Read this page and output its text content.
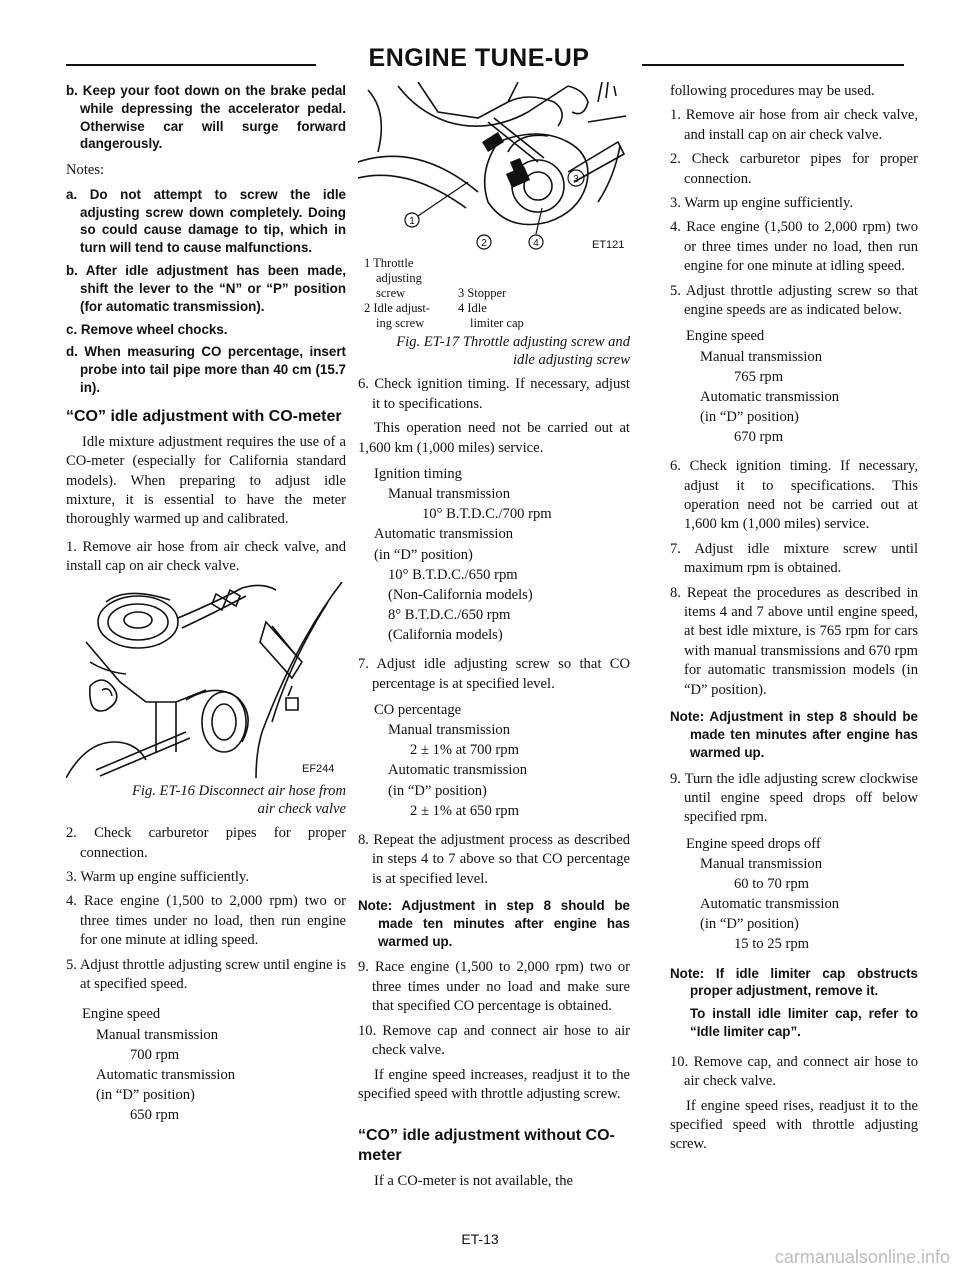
ENGINE TUNE-UP

b. Keep your foot down on the brake pedal while depressing the accelerator pedal. Otherwise car will surge forward dangerously.

Notes:

a. Do not attempt to screw the idle adjusting screw down completely. Doing so could cause damage to tip, which in turn will tend to cause malfunctions.

b. After idle adjustment has been made, shift the lever to the “N” or “P” position (for automatic transmission).

c. Remove wheel chocks.

d. When measuring CO percentage, insert probe into tail pipe more than 40 cm (15.7 in).

“CO” idle adjustment with CO-meter

Idle mixture adjustment requires the use of a CO-meter (especially for California standard models). When preparing to adjust idle mixture, it is essential to have the meter thoroughly warmed up and calibrated.

1. Remove air hose from air check valve, and install cap on air check valve.

EF244

Fig. ET-16 Disconnect air hose from
air check valve

2. Check carburetor pipes for proper connection.

3. Warm up engine sufficiently.

4. Race engine (1,500 to 2,000 rpm) two or three times under no load, then run engine for one minute at idling speed.

5. Adjust throttle adjusting screw until engine is at specified speed.

Engine speed

Manual transmission

700 rpm

Automatic transmission

(in “D” position)

650 rpm

3
1
2	4	ET121
1 Throttle
adjusting
screw	3 Stopper
2 Idle adjust-
ing screw	4 Idle
limiter cap

Fig. ET-17 Throttle adjusting screw and
idle adjusting screw

6. Check ignition timing. If necessary, adjust it to specifications.

This operation need not be carried out at 1,600 km (1,000 miles) service.

Ignition timing

Manual transmission

10° B.T.D.C./700 rpm

Automatic transmission

(in “D” position)

10° B.T.D.C./650 rpm

(Non-California models)

8° B.T.D.C./650 rpm

(California models)

7. Adjust idle adjusting screw so that CO percentage is at specified level.

CO percentage

Manual transmission

2 ± 1% at 700 rpm

Automatic transmission

(in “D” position)

2 ± 1% at 650 rpm

8. Repeat the adjustment process as described in steps 4 to 7 above so that CO percentage is at specified level.

Note: Adjustment in step 8 should be made ten minutes after engine has warmed up.

9. Race engine (1,500 to 2,000 rpm) two or three times under no load and make sure that specified CO percentage is obtained.

10. Remove cap and connect air hose to air check valve.

If engine speed increases, readjust it to the specified speed with throttle adjusting screw.

“CO” idle adjustment without CO-meter

If a CO-meter is not available, the

following procedures may be used.

1. Remove air hose from air check valve, and install cap on air check valve.

2. Check carburetor pipes for proper connection.

3. Warm up engine sufficiently.

4. Race engine (1,500 to 2,000 rpm) two or three times under no load, then run engine for one minute at idling speed.

5. Adjust throttle adjusting screw so that engine speeds are as indicated below.

Engine speed

Manual transmission

765 rpm

Automatic transmission

(in “D” position)

670 rpm

6. Check ignition timing. If necessary, adjust it to specifications. This operation need not be carried out at 1,600 km (1,000 miles) service.

7. Adjust idle mixture screw until maximum rpm is obtained.

8. Repeat the procedures as described in items 4 and 7 above until engine speed, at best idle mixture, is 765 rpm for cars with manual transmissions and 670 rpm for automatic transmission models (in “D” position).

Note: Adjustment in step 8 should be made ten minutes after engine has warmed up.

9. Turn the idle adjusting screw clockwise until engine speed drops off below specified rpm.

Engine speed drops off

Manual transmission

60 to 70 rpm

Automatic transmission

(in “D” position)

15 to 25 rpm

Note: If idle limiter cap obstructs proper adjustment, remove it.

To install idle limiter cap, refer to “Idle limiter cap”.

10. Remove cap, and connect air hose to air check valve.

If engine speed rises, readjust it to the specified speed with throttle adjusting screw.

ET-13
carmanualsonline.info
